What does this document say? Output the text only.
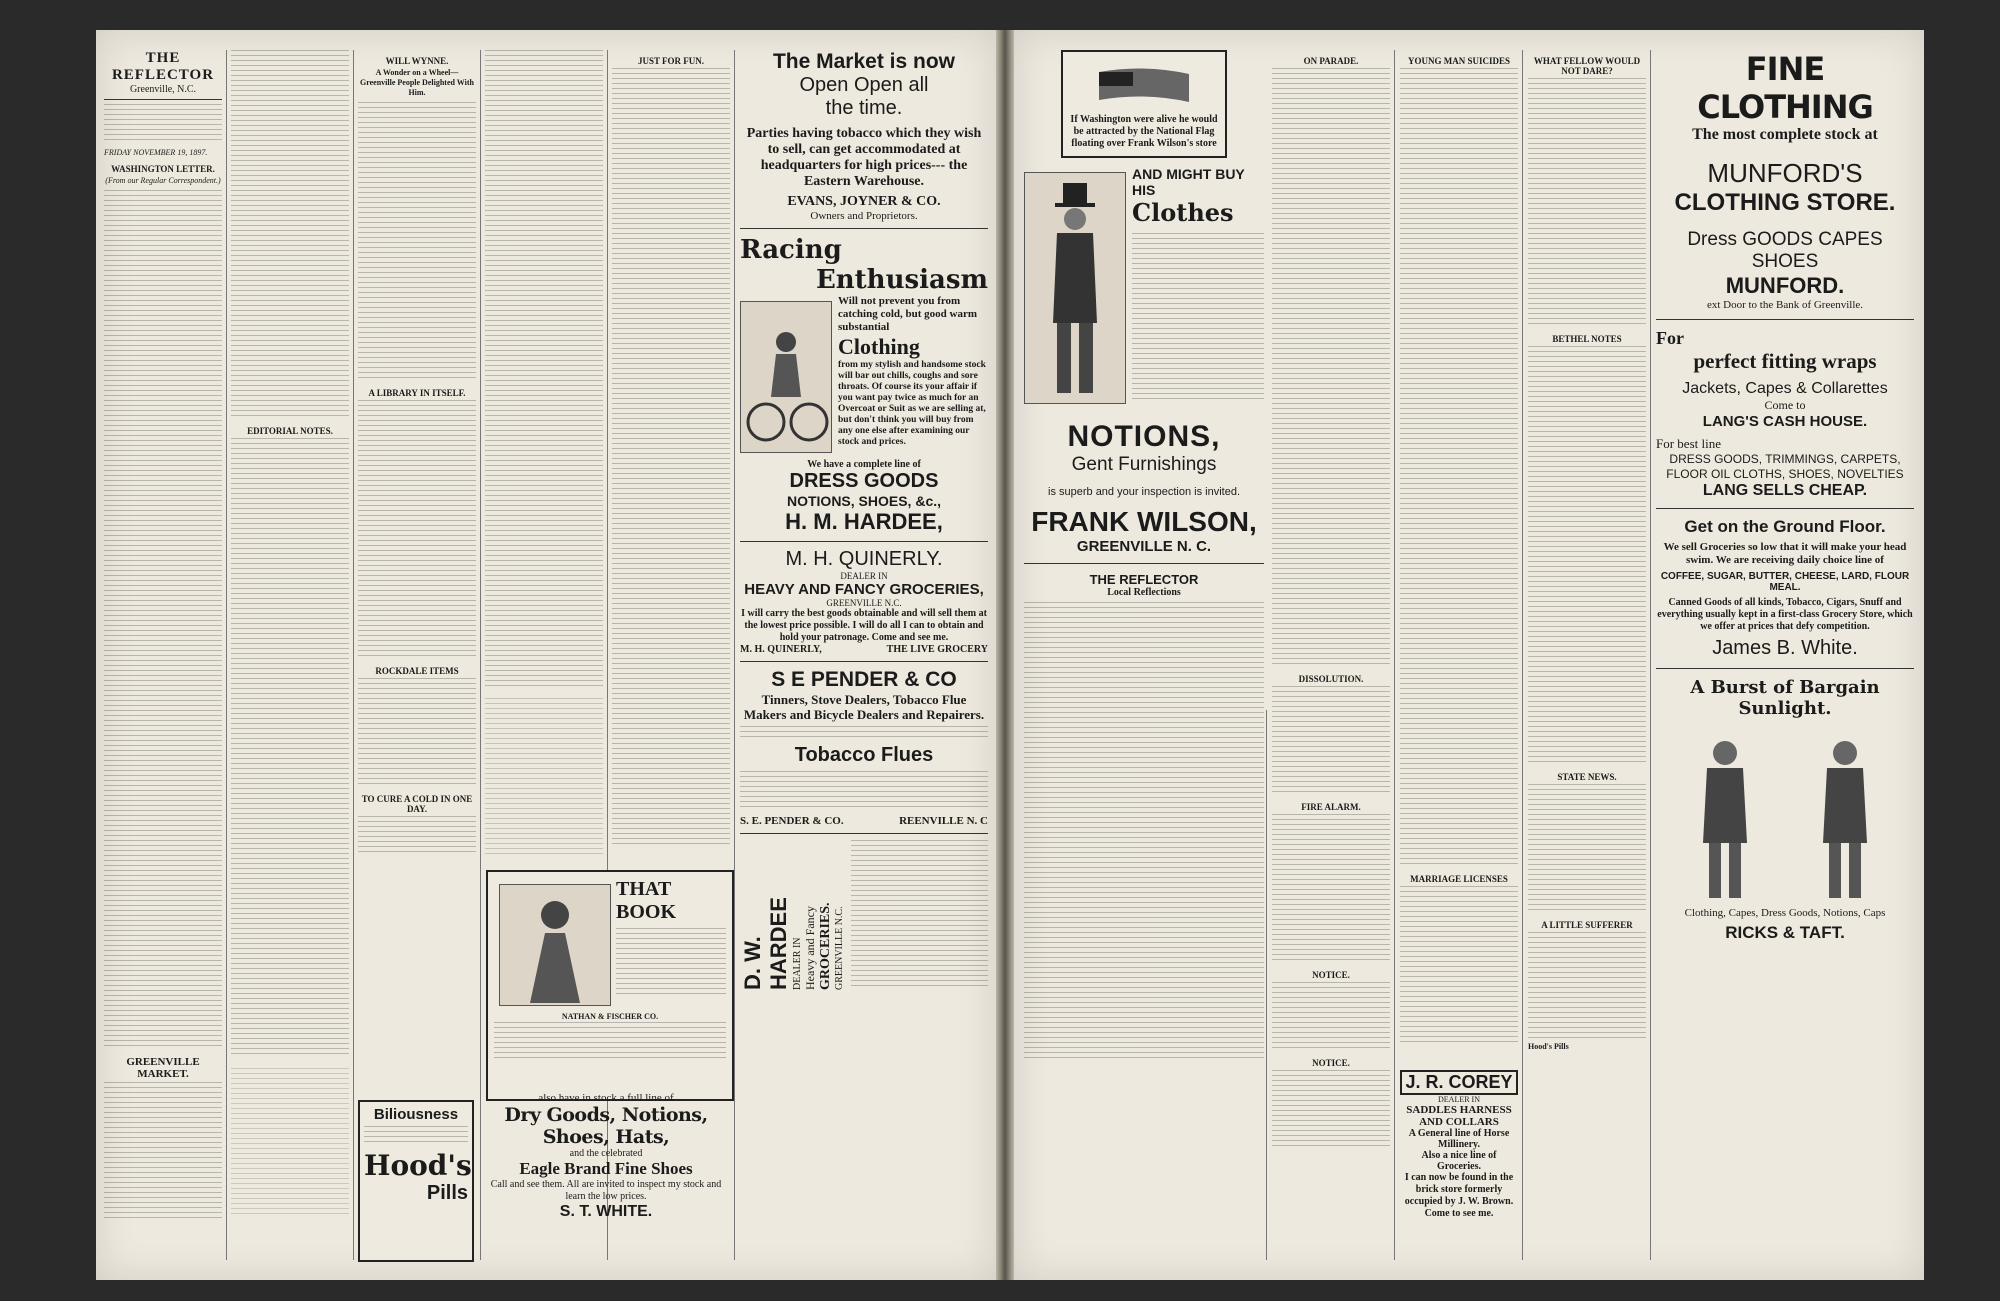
THE REFLECTOR
Greenville, N.C.
FRIDAY NOVEMBER 19, 1897.
WASHINGTON LETTER.
(From our Regular Correspondent.)
GREENVILLE MARKET.
EDITORIAL NOTES.
WILL WYNNE.
A Wonder on a Wheel—Greenville People Delighted With Him.
A LIBRARY IN ITSELF.
ROCKDALE ITEMS
TO CURE A COLD IN ONE DAY.
Biliousness
Hood's
Pills
JUST FOR FUN.
THAT
BOOK
NATHAN & FISCHER CO.
also have in stock a full line of
Dry Goods, Notions, Shoes, Hats,
and the celebrated
Eagle Brand Fine Shoes
Call and see them. All are invited to inspect my stock and learn the low prices.
S. T. WHITE.
The Market is now
Open Open all
the time.
Parties having tobacco which they wish to sell, can get accommodated at headquarters for high prices--- the Eastern Warehouse.
EVANS, JOYNER & CO.
Owners and Proprietors.
Racing
Enthusiasm
Will not prevent you from catching cold, but good warm substantial
Clothing
from my stylish and handsome stock will bar out chills, coughs and sore throats. Of course its your affair if you want pay twice as much for an Overcoat or Suit as we are selling at, but don't think you will buy from any one else after examining our stock and prices.
We have a complete line of
DRESS GOODS
NOTIONS, SHOES, &c.,
H. M. HARDEE,
M. H. QUINERLY.
DEALER IN
HEAVY AND FANCY GROCERIES,
GREENVILLE N.C.
I will carry the best goods obtainable and will sell them at the lowest price possible. I will do all I can to obtain and hold your patronage. Come and see me.
M. H. QUINERLY,	THE LIVE GROCERY
S E PENDER & CO
Tinners, Stove Dealers, Tobacco Flue Makers and Bicycle Dealers and Repairers.
Tobacco Flues
S. E. PENDER & CO.	REENVILLE N. C
D. W. HARDEE DEALER IN Heavy and Fancy GROCERIES. GREENVILLE N.C.
If Washington were alive he would be attracted by the National Flag floating over Frank Wilson's store
AND MIGHT BUY HIS
Clothes
NOTIONS,
Gent Furnishings
is superb and your inspection is invited.
FRANK WILSON,
GREENVILLE N. C.
THE REFLECTOR
Local Reflections
ON PARADE.
DISSOLUTION.
FIRE ALARM.
NOTICE.
NOTICE.
YOUNG MAN SUICIDES
MARRIAGE LICENSES
J. R. COREY
DEALER IN
SADDLES HARNESS AND COLLARS
A General line of Horse Millinery.
Also a nice line of Groceries.
I can now be found in the brick store formerly occupied by J. W. Brown. Come to see me.
WHAT FELLOW WOULD NOT DARE?
BETHEL NOTES
STATE NEWS.
A LITTLE SUFFERER
Hood's Pills
FINE CLOTHING
The most complete stock at
MUNFORD'S
CLOTHING STORE.
Dress GOODS CAPES SHOES
MUNFORD.
ext Door to the Bank of Greenville.
For
perfect fitting wraps
Jackets, Capes & Collarettes
Come to
LANG'S CASH HOUSE.
For best line
DRESS GOODS, TRIMMINGS, CARPETS, FLOOR OIL CLOTHS, SHOES, NOVELTIES
LANG SELLS CHEAP.
Get on the Ground Floor.
We sell Groceries so low that it will make your head swim. We are receiving daily choice line of
COFFEE, SUGAR, BUTTER, CHEESE, LARD, FLOUR MEAL.
Canned Goods of all kinds, Tobacco, Cigars, Snuff and everything usually kept in a first-class Grocery Store, which we offer at prices that defy competition.
James B. White.
A Burst of Bargain Sunlight.
Clothing, Capes, Dress Goods, Notions, Caps
RICKS & TAFT.
